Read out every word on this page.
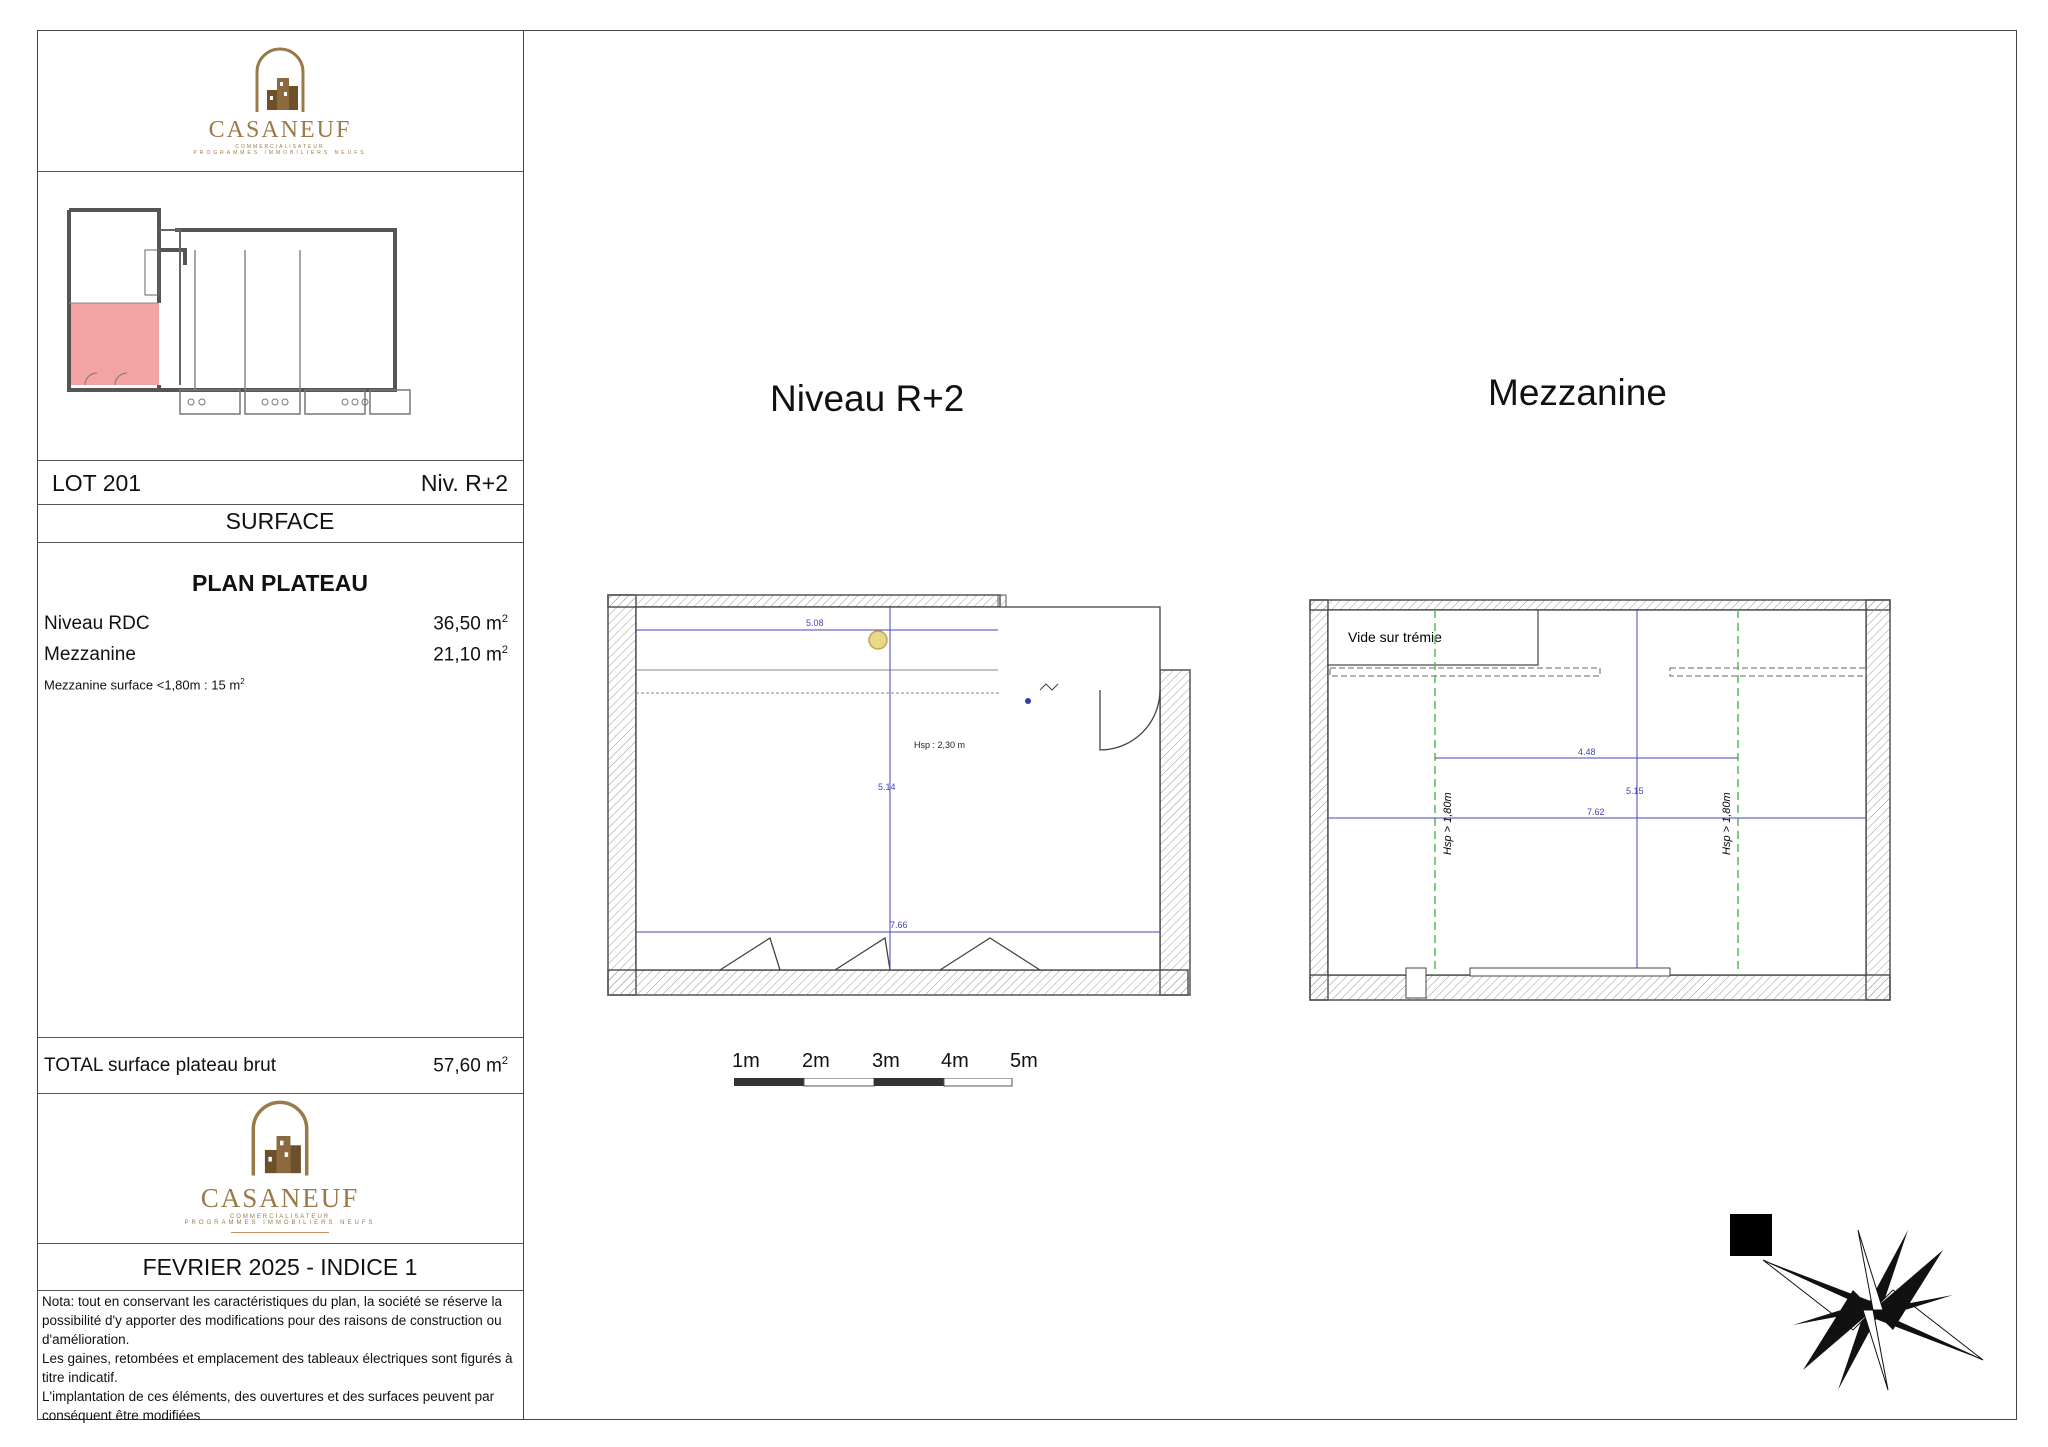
CASANEUF
COMMERCIALISATEUR
PROGRAMMES IMMOBILIERS NEUFS
LOT 201	Niv. R+2
SURFACE
PLAN PLATEAU
Niveau RDC	36,50 $m^2$
Mezzanine	21,10 $m^2$
Mezzanine surface <1,80m : 15 $m^2$
TOTAL surface plateau brut	57,60 $m^2$
CASANEUF
COMMERCIALISATEUR
PROGRAMMES IMMOBILIERS NEUFS
FEVRIER 2025 - INDICE 1
Nota: tout en conservant les caractéristiques du plan, la société se réserve la possibilité d'y apporter des modifications pour des raisons de construction ou d'amélioration.
Les gaines, retombées et emplacement des tableaux électriques sont figurés à titre indicatif.
L'implantation de ces éléments, des ouvertures et des surfaces peuvent par conséquent être modifiées
Niveau R+2	Mezzanine
5.08
5.14
7.66
Hsp : 2,30 m
Vide sur trémie
Hsp > 1,80m	Hsp > 1,80m
4.48
5.15
7.62
1m 2m 3m 4m 5m
